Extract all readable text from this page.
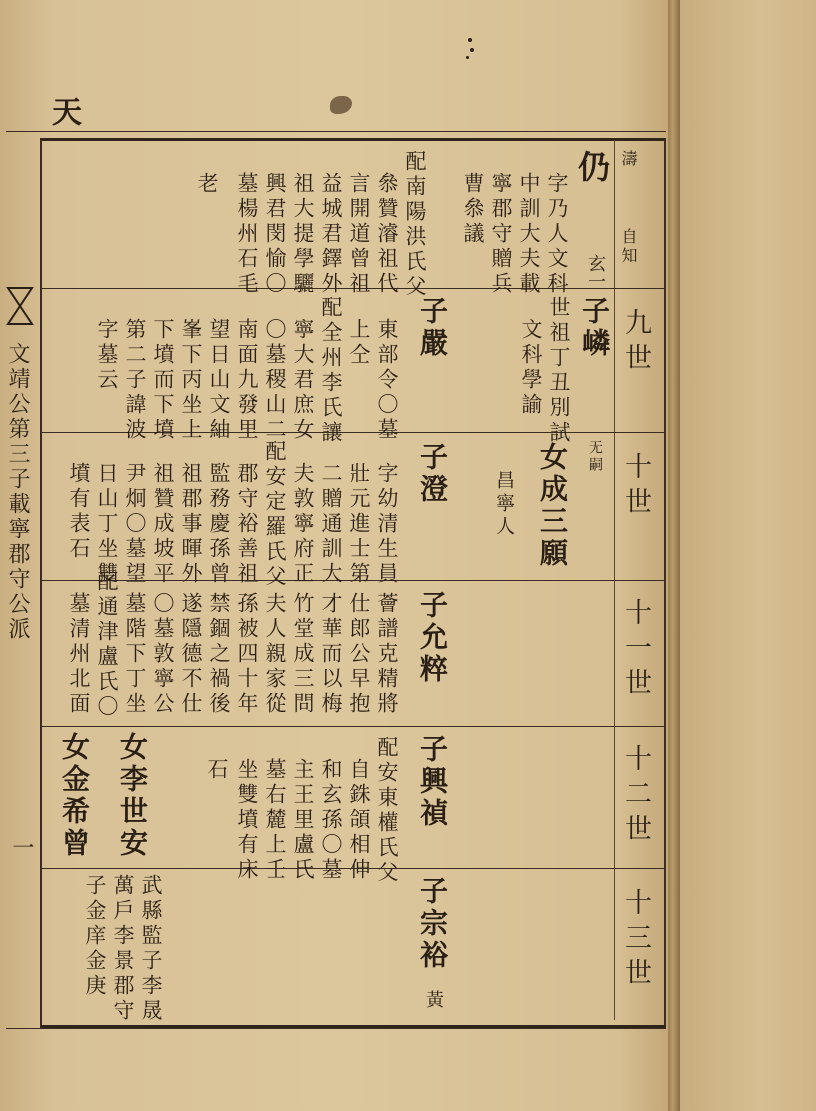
天
文靖公第三子載寧郡守公派
一
九世
十世
十一世
十二世
十三世
濤
自知
仍
玄一
字乃人文科
中訓大夫載
寧郡守贈兵
曹叅議
配南陽洪氏父
叅贊濬祖代
言開道曾祖
益城君鐸外
祖大提學驪
興君閔愉〇
墓楊州石毛
老
子嶙
世祖丁丑別試
文科學諭
子嚴
東部令〇墓
上仝
配全州李氏讓
寧大君庶女
〇墓稷山二
南面九發里
望日山文紬
峯下丙坐上
下墳而下墳
第二子諱波
字墓云
无嗣
女成三願
昌寧人
子澄
字幼清生員
壯元進士第
二贈通訓大
夫敦寧府正
配安定羅氏父
郡守裕善祖
監務慶孫曾
祖郡事暉外
祖贊成坡平
尹炯〇墓望
日山丁坐雙
墳有表石
子允粹
薈譜克精將
仕郎公早抱
才華而以梅
竹堂成三問
夫人親家從
孫被四十年
禁錮之禍後
遂隱德不仕
〇墓敦寧公
墓階下丁坐
配通津盧氏〇
墓清州北面
子興禎
配安東權氏父
自銖頜相伸
和玄孫〇墓
主王里盧氏
墓右麓上壬
坐雙墳有床
石
女李世安
女金希曾
子宗裕
黃
武縣監子李晟
萬戶李景郡守
子金庠金庚
